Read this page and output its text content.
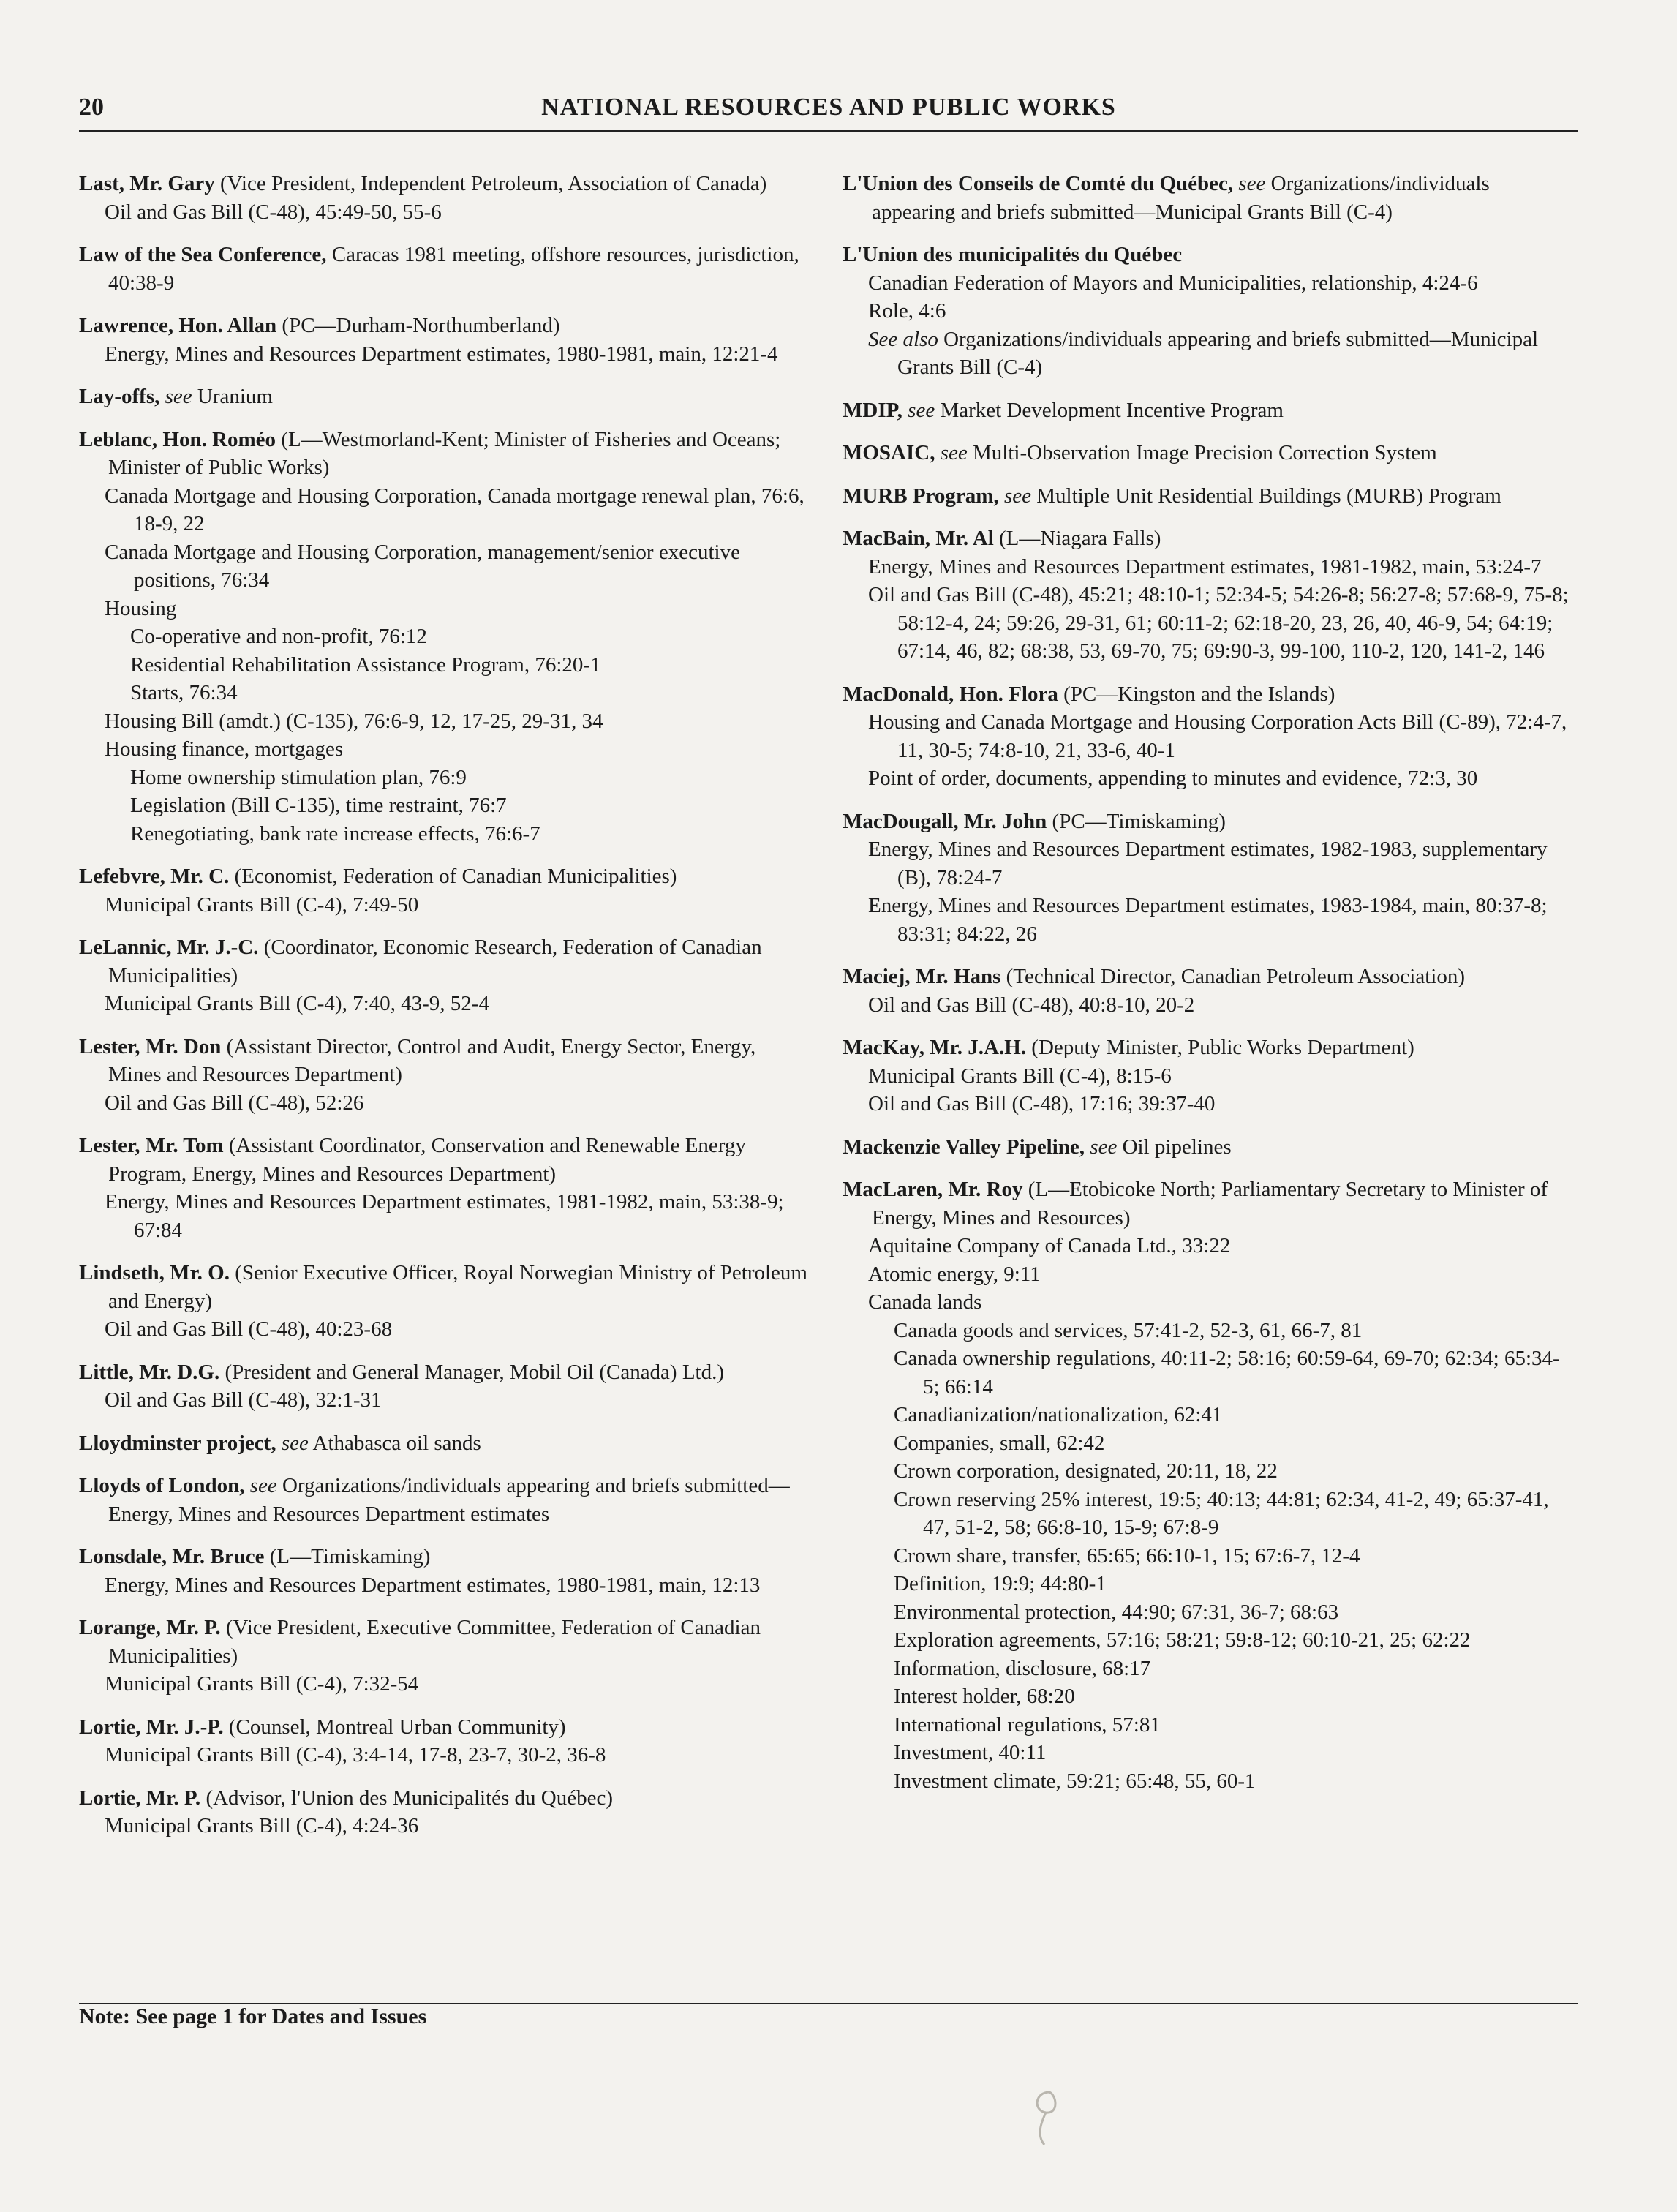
20	NATIONAL RESOURCES AND PUBLIC WORKS
Last, Mr. Gary (Vice President, Independent Petroleum, Association of Canada)
Oil and Gas Bill (C-48), 45:49-50, 55-6
Law of the Sea Conference, Caracas 1981 meeting, offshore resources, jurisdiction, 40:38-9
Lawrence, Hon. Allan (PC—Durham-Northumberland)
Energy, Mines and Resources Department estimates, 1980-1981, main, 12:21-4
Lay-offs, see Uranium
Leblanc, Hon. Roméo (L—Westmorland-Kent; Minister of Fisheries and Oceans; Minister of Public Works)
Canada Mortgage and Housing Corporation, Canada mortgage renewal plan, 76:6, 18-9, 22
Canada Mortgage and Housing Corporation, management/senior executive positions, 76:34
Housing
Co-operative and non-profit, 76:12
Residential Rehabilitation Assistance Program, 76:20-1
Starts, 76:34
Housing Bill (amdt.) (C-135), 76:6-9, 12, 17-25, 29-31, 34
Housing finance, mortgages
Home ownership stimulation plan, 76:9
Legislation (Bill C-135), time restraint, 76:7
Renegotiating, bank rate increase effects, 76:6-7
Lefebvre, Mr. C. (Economist, Federation of Canadian Municipalities)
Municipal Grants Bill (C-4), 7:49-50
LeLannic, Mr. J.-C. (Coordinator, Economic Research, Federation of Canadian Municipalities)
Municipal Grants Bill (C-4), 7:40, 43-9, 52-4
Lester, Mr. Don (Assistant Director, Control and Audit, Energy Sector, Energy, Mines and Resources Department)
Oil and Gas Bill (C-48), 52:26
Lester, Mr. Tom (Assistant Coordinator, Conservation and Renewable Energy Program, Energy, Mines and Resources Department)
Energy, Mines and Resources Department estimates, 1981-1982, main, 53:38-9; 67:84
Lindseth, Mr. O. (Senior Executive Officer, Royal Norwegian Ministry of Petroleum and Energy)
Oil and Gas Bill (C-48), 40:23-68
Little, Mr. D.G. (President and General Manager, Mobil Oil (Canada) Ltd.)
Oil and Gas Bill (C-48), 32:1-31
Lloydminster project, see Athabasca oil sands
Lloyds of London, see Organizations/individuals appearing and briefs submitted—Energy, Mines and Resources Department estimates
Lonsdale, Mr. Bruce (L—Timiskaming)
Energy, Mines and Resources Department estimates, 1980-1981, main, 12:13
Lorange, Mr. P. (Vice President, Executive Committee, Federation of Canadian Municipalities)
Municipal Grants Bill (C-4), 7:32-54
Lortie, Mr. J.-P. (Counsel, Montreal Urban Community)
Municipal Grants Bill (C-4), 3:4-14, 17-8, 23-7, 30-2, 36-8
Lortie, Mr. P. (Advisor, l'Union des Municipalités du Québec)
Municipal Grants Bill (C-4), 4:24-36
L'Union des Conseils de Comté du Québec, see Organizations/individuals appearing and briefs submitted—Municipal Grants Bill (C-4)
L'Union des municipalités du Québec
Canadian Federation of Mayors and Municipalities, relationship, 4:24-6
Role, 4:6
See also Organizations/individuals appearing and briefs submitted—Municipal Grants Bill (C-4)
MDIP, see Market Development Incentive Program
MOSAIC, see Multi-Observation Image Precision Correction System
MURB Program, see Multiple Unit Residential Buildings (MURB) Program
MacBain, Mr. Al (L—Niagara Falls)
Energy, Mines and Resources Department estimates, 1981-1982, main, 53:24-7
Oil and Gas Bill (C-48), 45:21; 48:10-1; 52:34-5; 54:26-8; 56:27-8; 57:68-9, 75-8; 58:12-4, 24; 59:26, 29-31, 61; 60:11-2; 62:18-20, 23, 26, 40, 46-9, 54; 64:19; 67:14, 46, 82; 68:38, 53, 69-70, 75; 69:90-3, 99-100, 110-2, 120, 141-2, 146
MacDonald, Hon. Flora (PC—Kingston and the Islands)
Housing and Canada Mortgage and Housing Corporation Acts Bill (C-89), 72:4-7, 11, 30-5; 74:8-10, 21, 33-6, 40-1
Point of order, documents, appending to minutes and evidence, 72:3, 30
MacDougall, Mr. John (PC—Timiskaming)
Energy, Mines and Resources Department estimates, 1982-1983, supplementary (B), 78:24-7
Energy, Mines and Resources Department estimates, 1983-1984, main, 80:37-8; 83:31; 84:22, 26
Maciej, Mr. Hans (Technical Director, Canadian Petroleum Association)
Oil and Gas Bill (C-48), 40:8-10, 20-2
MacKay, Mr. J.A.H. (Deputy Minister, Public Works Department)
Municipal Grants Bill (C-4), 8:15-6
Oil and Gas Bill (C-48), 17:16; 39:37-40
Mackenzie Valley Pipeline, see Oil pipelines
MacLaren, Mr. Roy (L—Etobicoke North; Parliamentary Secretary to Minister of Energy, Mines and Resources)
Aquitaine Company of Canada Ltd., 33:22
Atomic energy, 9:11
Canada lands
Canada goods and services, 57:41-2, 52-3, 61, 66-7, 81
Canada ownership regulations, 40:11-2; 58:16; 60:59-64, 69-70; 62:34; 65:34-5; 66:14
Canadianization/nationalization, 62:41
Companies, small, 62:42
Crown corporation, designated, 20:11, 18, 22
Crown reserving 25% interest, 19:5; 40:13; 44:81; 62:34, 41-2, 49; 65:37-41, 47, 51-2, 58; 66:8-10, 15-9; 67:8-9
Crown share, transfer, 65:65; 66:10-1, 15; 67:6-7, 12-4
Definition, 19:9; 44:80-1
Environmental protection, 44:90; 67:31, 36-7; 68:63
Exploration agreements, 57:16; 58:21; 59:8-12; 60:10-21, 25; 62:22
Information, disclosure, 68:17
Interest holder, 68:20
International regulations, 57:81
Investment, 40:11
Investment climate, 59:21; 65:48, 55, 60-1
Note: See page 1 for Dates and Issues
